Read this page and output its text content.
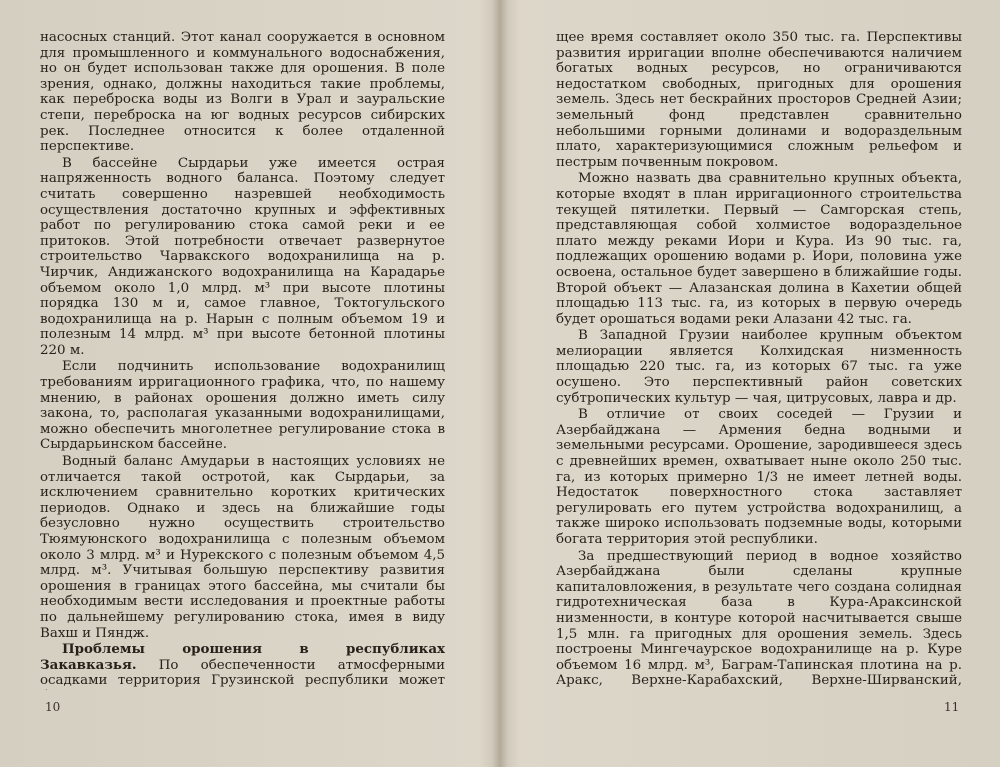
насосных станций. Этот канал сооружается в основном для промышленного и коммунального водоснабжения, но он будет использован также для орошения. В поле зрения, однако, должны находиться такие проблемы, как переброска воды из Волги в Урал и зауральские степи, переброска на юг водных ресурсов сибирских рек. Последнее относится к более отдаленной перспективе.

В бассейне Сырдарьи уже имеется острая напряженность водного баланса. Поэтому следует считать совершенно назревшей необходимость осуществления достаточно крупных и эффективных работ по регулированию стока самой реки и ее притоков. Этой потребности отвечает развернутое строительство Чарвакского водохранилища на р. Чирчик, Андижанского водохранилища на Карадарье объемом около 1,0 млрд. м³ при высоте плотины порядка 130 м и, самое главное, Токтогульского водохранилища на р. Нарын с полным объемом 19 и полезным 14 млрд. м³ при высоте бетонной плотины 220 м.

Если подчинить использование водохранилищ требованиям ирригационного графика, что, по нашему мнению, в районах орошения должно иметь силу закона, то, располагая указанными водохранилищами, можно обеспечить многолетнее регулирование стока в Сырдарьинском бассейне.

Водный баланс Амударьи в настоящих условиях не отличается такой остротой, как Сырдарьи, за исключением сравнительно коротких критических периодов. Однако и здесь на ближайшие годы безусловно нужно осуществить строительство Тюямуюнского водохранилища с полезным объемом около 3 млрд. м³ и Нурекского с полезным объемом 4,5 млрд. м³. Учитывая большую перспективу развития орошения в границах этого бассейна, мы считали бы необходимым вести исследования и проектные работы по дальнейшему регулированию стока, имея в виду Вахш и Пяндж.

Проблемы орошения в республиках Закавказья. По обеспеченности атмосферными осадками территория Грузинской республики может

щее время составляет около 350 тыс. га. Перспективы развития ирригации вполне обеспечиваются наличием богатых водных ресурсов, но ограничиваются недостатком свободных, пригодных для орошения земель. Здесь нет бескрайних просторов Средней Азии; земельный фонд представлен сравнительно небольшими горными долинами и водораздельным плато, характеризующимися сложным рельефом и пестрым почвенным покровом.

Можно назвать два сравнительно крупных объекта, которые входят в план ирригационного строительства текущей пятилетки. Первый — Самгорская степь, представляющая собой холмистое водораздельное плато между реками Иори и Кура. Из 90 тыс. га, подлежащих орошению водами р. Иори, половина уже освоена, остальное будет завершено в ближайшие годы. Второй объект — Алазанская долина в Кахетии общей площадью 113 тыс. га, из которых в первую очередь будет орошаться водами реки Алазани 42 тыс. га.

В Западной Грузии наиболее крупным объектом мелиорации является Колхидская низменность площадью 220 тыс. га, из которых 67 тыс. га уже осушено. Это перспективный район советских субтропических культур — чая, цитрусовых, лавра и др.

В отличие от своих соседей — Грузии и Азербайджана — Армения бедна водными и земельными ресурсами. Орошение, зародившееся здесь с древнейших времен, охватывает ныне около 250 тыс. га, из которых примерно 1/3 не имеет летней воды. Недостаток поверхностного стока заставляет регулировать его путем устройства водохранилищ, а также широко использовать подземные воды, которыми богата территория этой республики.

За предшествующий период в водное хозяйство Азербайджана были сделаны крупные капиталовложения, в результате чего создана солидная гидротехническая база в Кура-Араксинской низменности, в контуре которой насчитывается свыше 1,5 млн. га пригодных для орошения земель. Здесь построены Мингечаурское водохранилище на р. Куре объемом 16 млрд. м³, Баграм-Тапинская плотина на р. Аракс, Верхне-Карабахский, Верхне-Ширванский,

10	11
